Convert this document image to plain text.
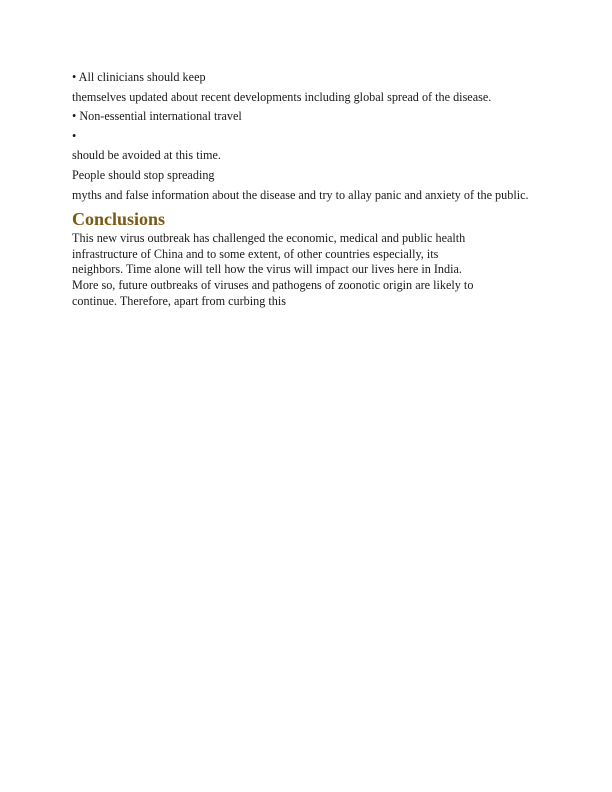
• All clinicians should keep

themselves updated about recent developments including global spread of the disease.

• Non-essential international travel

•

should be avoided at this time.

People should stop spreading

myths and false information about the disease and try to allay panic and anxiety of the public.

Conclusions

This new virus outbreak has challenged the economic, medical and public health

infrastructure of China and to some extent, of other countries especially, its

neighbors. Time alone will tell how the virus will impact our lives here in India.

More so, future outbreaks of viruses and pathogens of zoonotic origin are likely to

continue. Therefore, apart from curbing this
